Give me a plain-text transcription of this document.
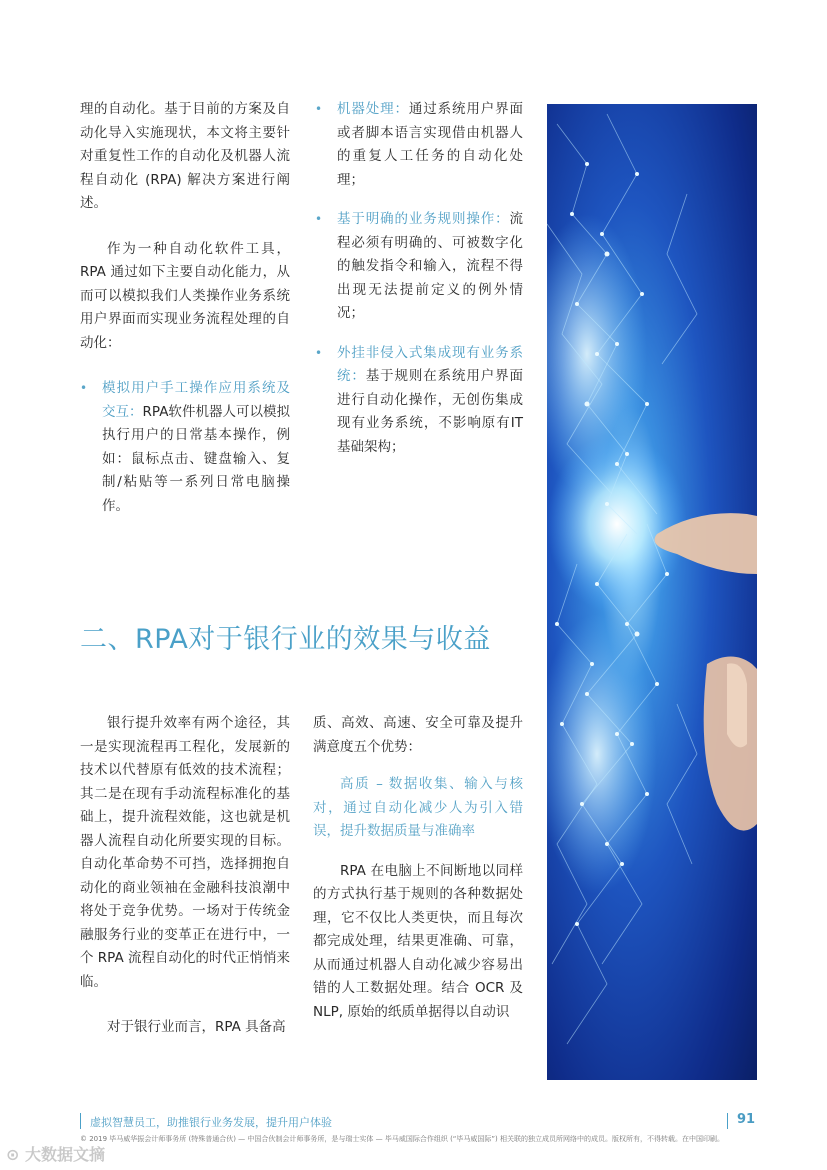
理的自动化。基于目前的方案及自动化导入实施现状，本文将主要针对重复性工作的自动化及机器人流程自动化 (RPA) 解决方案进行阐述。

作为一种自动化软件工具，RPA 通过如下主要自动化能力，从而可以模拟我们人类操作业务系统用户界面而实现业务流程处理的自动化：

• 模拟用户手工操作应用系统及交互：RPA软件机器人可以模拟执行用户的日常基本操作，例如：鼠标点击、键盘输入、复制/粘贴等一系列日常电脑操作。

• 机器处理：通过系统用户界面或者脚本语言实现借由机器人的重复人工任务的自动化处理；

• 基于明确的业务规则操作：流程必须有明确的、可被数字化的触发指令和输入，流程不得出现无法提前定义的例外情况；

• 外挂非侵入式集成现有业务系统：基于规则在系统用户界面进行自动化操作，无创伤集成现有业务系统，不影响原有IT基础架构；

二、RPA对于银行业的效果与收益

银行提升效率有两个途径，其一是实现流程再工程化，发展新的技术以代替原有低效的技术流程；其二是在现有手动流程标准化的基础上，提升流程效能，这也就是机器人流程自动化所要实现的目标。自动化革命势不可挡，选择拥抱自动化的商业领袖在金融科技浪潮中将处于竞争优势。一场对于传统金融服务行业的变革正在进行中，一个 RPA 流程自动化的时代正悄悄来临。

对于银行业而言，RPA 具备高

质、高效、高速、安全可靠及提升满意度五个优势：

高质 – 数据收集、输入与核对，通过自动化减少人为引入错误，提升数据质量与准确率

RPA 在电脑上不间断地以同样的方式执行基于规则的各种数据处理，它不仅比人类更快，而且每次都完成处理，结果更准确、可靠，从而通过机器人自动化减少容易出错的人工数据处理。结合 OCR 及 NLP, 原始的纸质单据得以自动识

虚拟智慧员工，助推银行业务发展，提升用户体验	91
© 2019 毕马威华振会计师事务所 (特殊普通合伙) — 中国合伙制会计师事务所，是与瑞士实体 — 毕马威国际合作组织 (“毕马威国际”) 相关联的独立成员所网络中的成员。版权所有，不得转载。在中国印刷。
⊙ 大数据文摘
